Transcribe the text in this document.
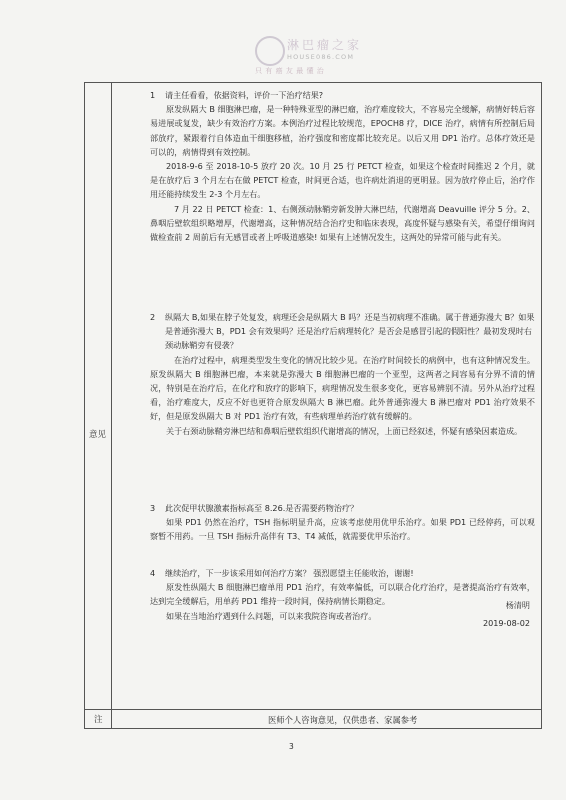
淋巴瘤之家
HOUSE086.COM
只有癌友最懂治
意见
注
1 请主任看看，依据资料，评价一下治疗结果?
原发纵隔大 B 细胞淋巴瘤，是一种特殊亚型的淋巴瘤，治疗难度较大，不容易完全缓解，病情好转后容易进展或复发，缺少有效治疗方案。本例治疗过程比较规范，EPOCH8 疗，DICE 治疗，病情有所控制后局部放疗，紧跟着行自体造血干细胞移植，治疗强度和密度都比较充足。以后又用 DP1 治疗。总体疗效还是可以的，病情得到有效控制。
2018-9-6 至 2018-10-5 放疗 20 次。10 月 25 行 PETCT 检查，如果这个检查时间推迟 2 个月，就是在放疗后 3 个月左右在做 PETCT 检查，时间更合适，也许病灶消退的更明显。因为放疗停止后，治疗作用还能持续发生 2-3 个月左右。
7 月 22 日 PETCT 检查：1、右侧颈动脉鞘旁新发肿大淋巴结，代谢增高 Deavuille 评分 5 分。2、鼻咽后壁软组织略增厚，代谢增高，这种情况结合治疗史和临床表现，高度怀疑与感染有关，希望仔细询问做检查前 2 周前后有无感冒或者上呼吸道感染! 如果有上述情况发生，这两处的异常可能与此有关。
2 纵隔大 B,如果在脖子处复发，病理还会是纵隔大 B 吗？还是当初病理不准确。属于普通弥漫大 B？如果是普通弥漫大 B，PD1 会有效果吗？还是治疗后病理转化？是否会是感冒引起的假阳性？最初发现时右颈动脉鞘旁有侵袭？
在治疗过程中，病理类型发生变化的情况比较少见。在治疗时间较长的病例中，也有这种情况发生。原发纵隔大 B 细胞淋巴瘤，本来就是弥漫大 B 细胞淋巴瘤的一个亚型，这两者之间容易有分界不清的情况，特别是在治疗后，在化疗和放疗的影响下，病理情况发生很多变化，更容易辨别不清。另外从治疗过程看，治疗难度大，反应不好也更符合原发纵隔大 B 淋巴瘤。此外普通弥漫大 B 淋巴瘤对 PD1 治疗效果不好，但是原发纵隔大 B 对 PD1 治疗有效，有些病理单药治疗就有缓解的。
关于右颈动脉鞘旁淋巴结和鼻咽后壁软组织代谢增高的情况，上面已经叙述，怀疑有感染因素造成。
3 此次促甲状腺激素指标高至 8.26.是否需要药物治疗？
如果 PD1 仍然在治疗，TSH 指标明显升高，应该考虑使用优甲乐治疗。如果 PD1 已经停药，可以观察暂不用药。一旦 TSH 指标升高伴有 T3、T4 减低，就需要优甲乐治疗。
4 继续治疗，下一步该采用如何治疗方案？ 强烈愿望主任能收治，谢谢!
原发性纵隔大 B 细胞淋巴瘤单用 PD1 治疗，有效率偏低，可以联合化疗治疗，是著提高治疗有效率，达到完全缓解后，用单药 PD1 维持一段时间，保持病情长期稳定。
如果在当地治疗遇到什么问题，可以来我院咨询或者治疗。
杨清明
2019-08-02
医师个人咨询意见，仅供患者、家属参考
3
